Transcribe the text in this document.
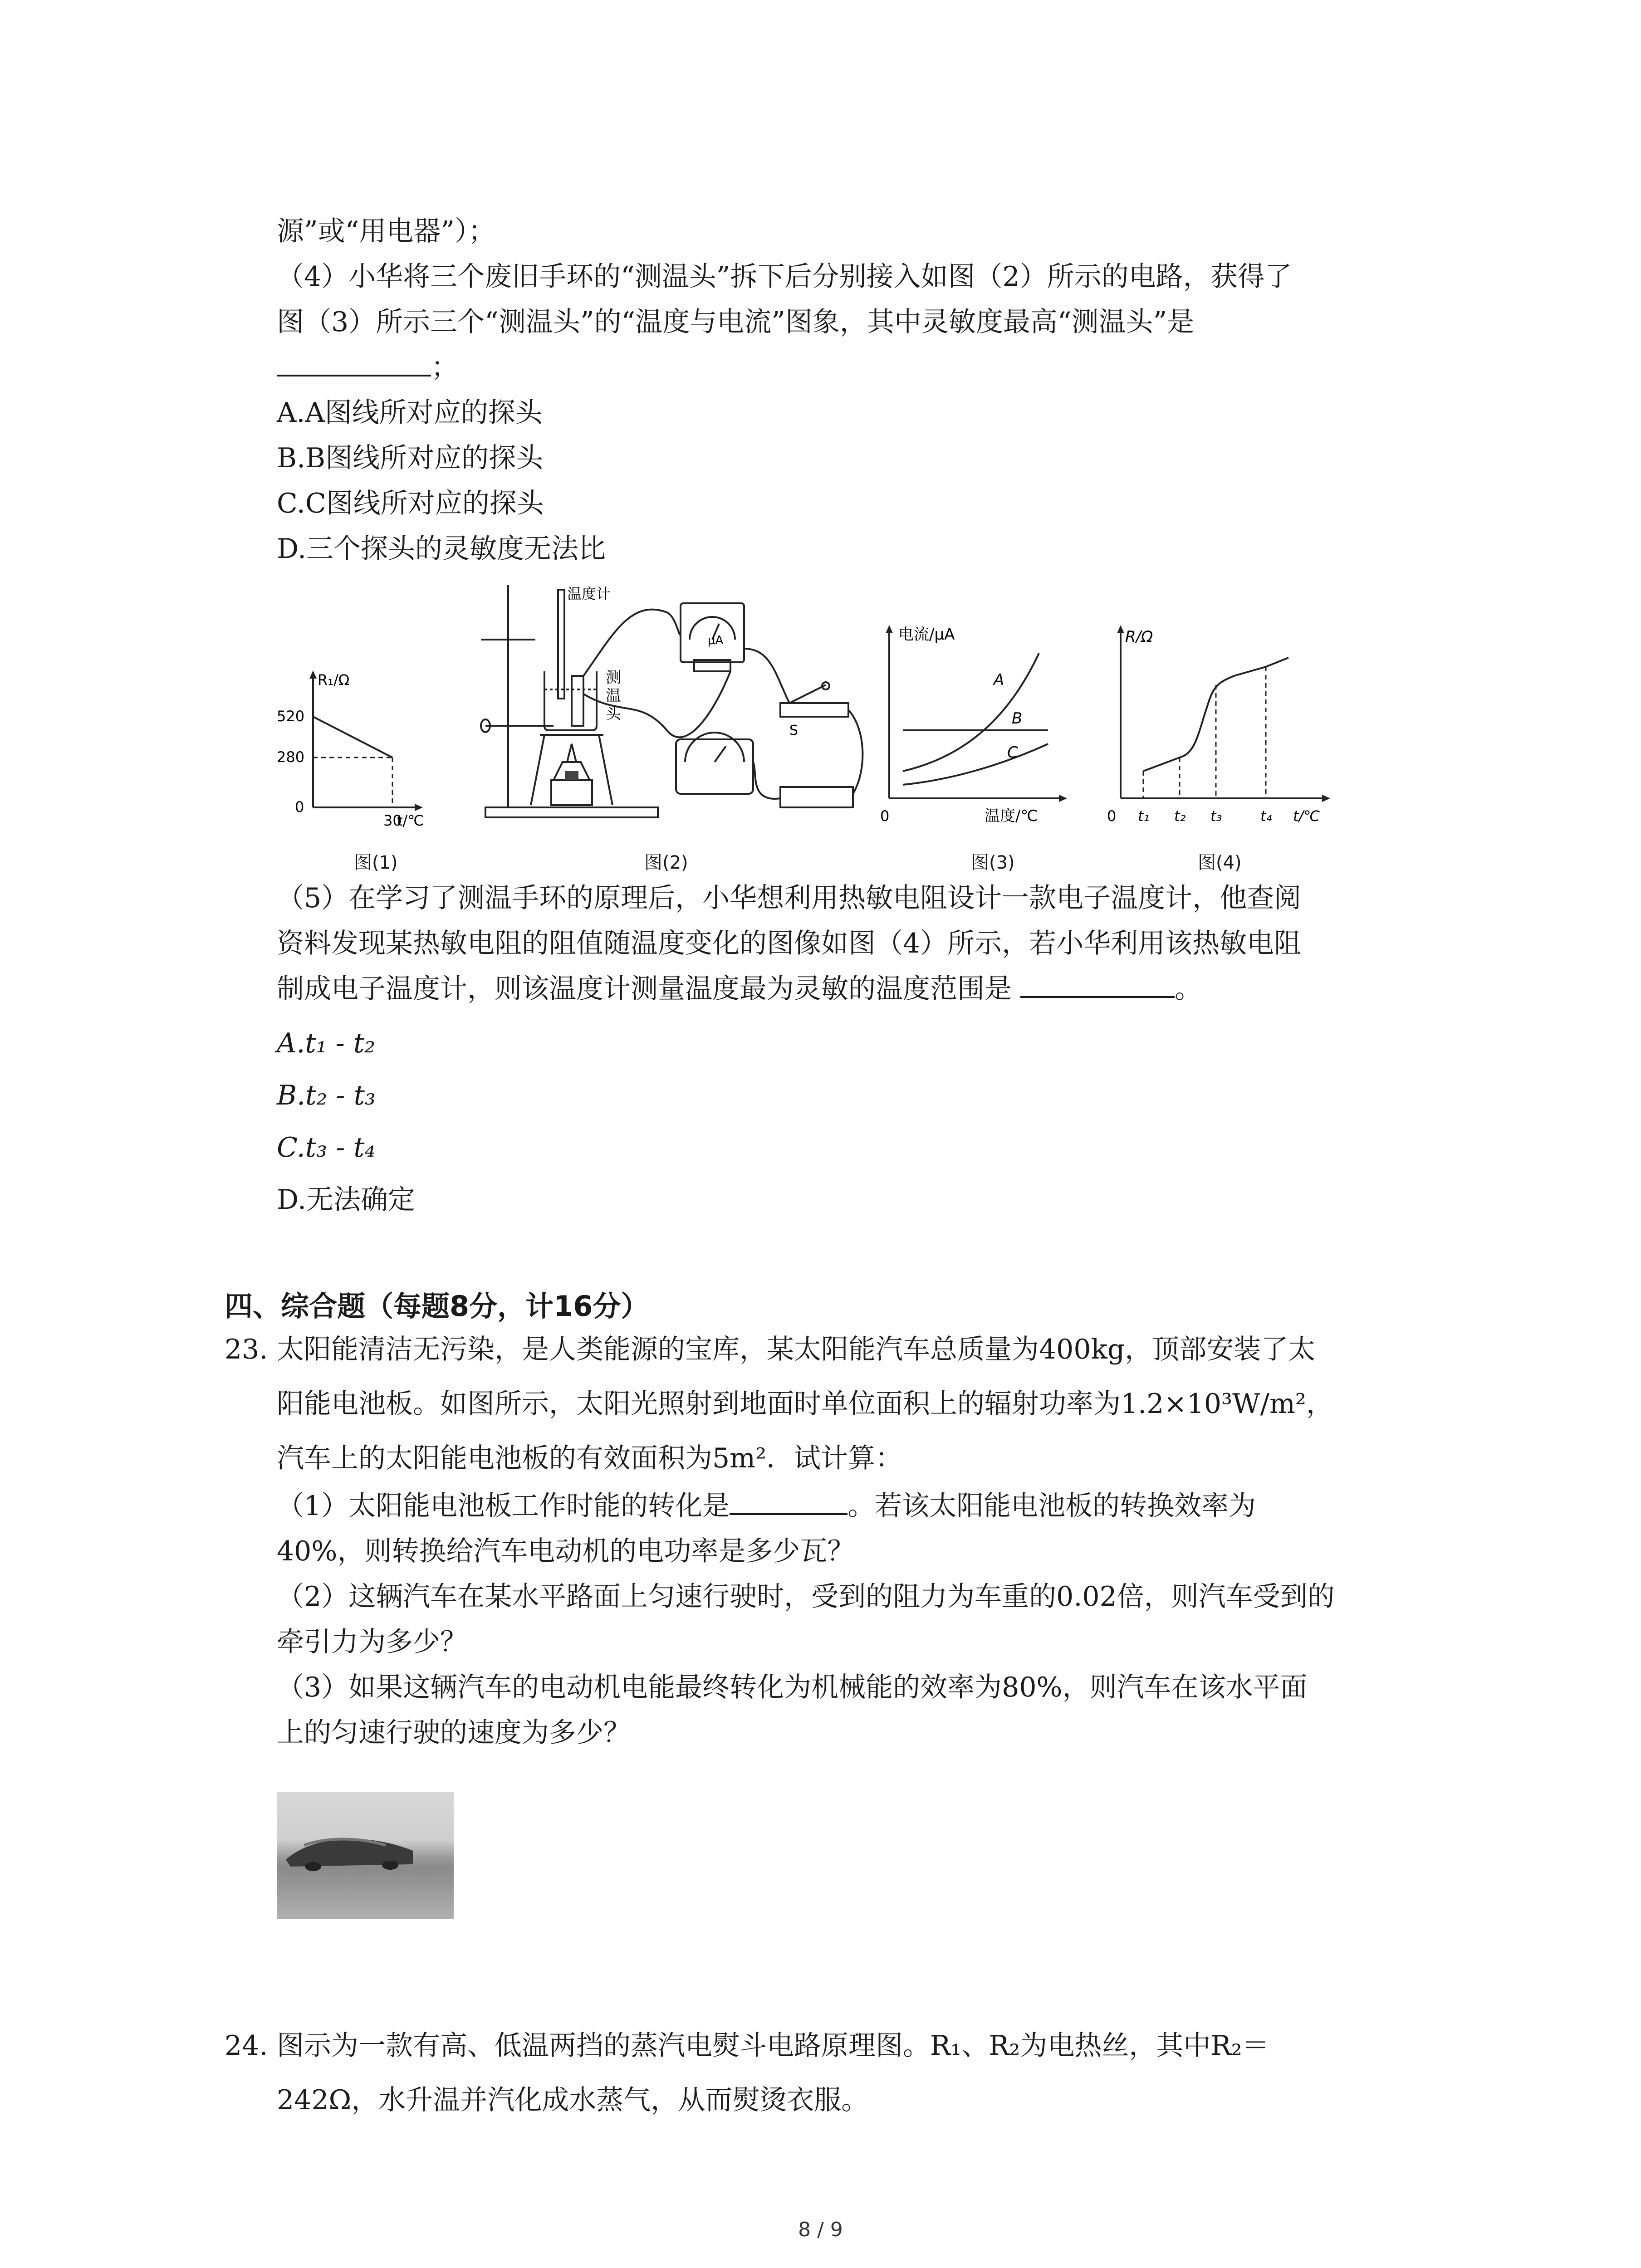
源”或“用电器”）；
（4）小华将三个废旧手环的“测温头”拆下后分别接入如图（2）所示的电路，获得了
图（3）所示三个“测温头”的“温度与电流”图象，其中灵敏度最高“测温头”是
；
A.A图线所对应的探头
B.B图线所对应的探头
C.C图线所对应的探头
D.三个探头的灵敏度无法比
R₁/Ω
520
280
0
30
t/℃
图(1)
温度计
μA
测
温
头
S
图(2)
电流/μA
A
B
C
0	温度/℃
图(3)
R/Ω
0 t₁ t₂ t₃	t₄ t/℃
图(4)
（5）在学习了测温手环的原理后，小华想利用热敏电阻设计一款电子温度计，他查阅
资料发现某热敏电阻的阻值随温度变化的图像如图（4）所示，若小华利用该热敏电阻
制成电子温度计，则该温度计测量温度最为灵敏的温度范围是	。
A.t₁ - t₂
B.t₂ - t₃
C.t₃ - t₄
D.无法确定
四、综合题（每题8分，计16分）
23. 太阳能清洁无污染，是人类能源的宝库，某太阳能汽车总质量为400kg，顶部安装了太
阳能电池板。如图所示，太阳光照射到地面时单位面积上的辐射功率为1.2×10³W/m²，
汽车上的太阳能电池板的有效面积为5m²．试计算：
（1）太阳能电池板工作时能的转化是	。若该太阳能电池板的转换效率为
40%，则转换给汽车电动机的电功率是多少瓦？
（2）这辆汽车在某水平路面上匀速行驶时，受到的阻力为车重的0.02倍，则汽车受到的
牵引力为多少？
（3）如果这辆汽车的电动机电能最终转化为机械能的效率为80%，则汽车在该水平面
上的匀速行驶的速度为多少？
24. 图示为一款有高、低温两挡的蒸汽电熨斗电路原理图。R₁、R₂为电热丝，其中R₂＝
242Ω，水升温并汽化成水蒸气，从而熨烫衣服。
8 / 9
